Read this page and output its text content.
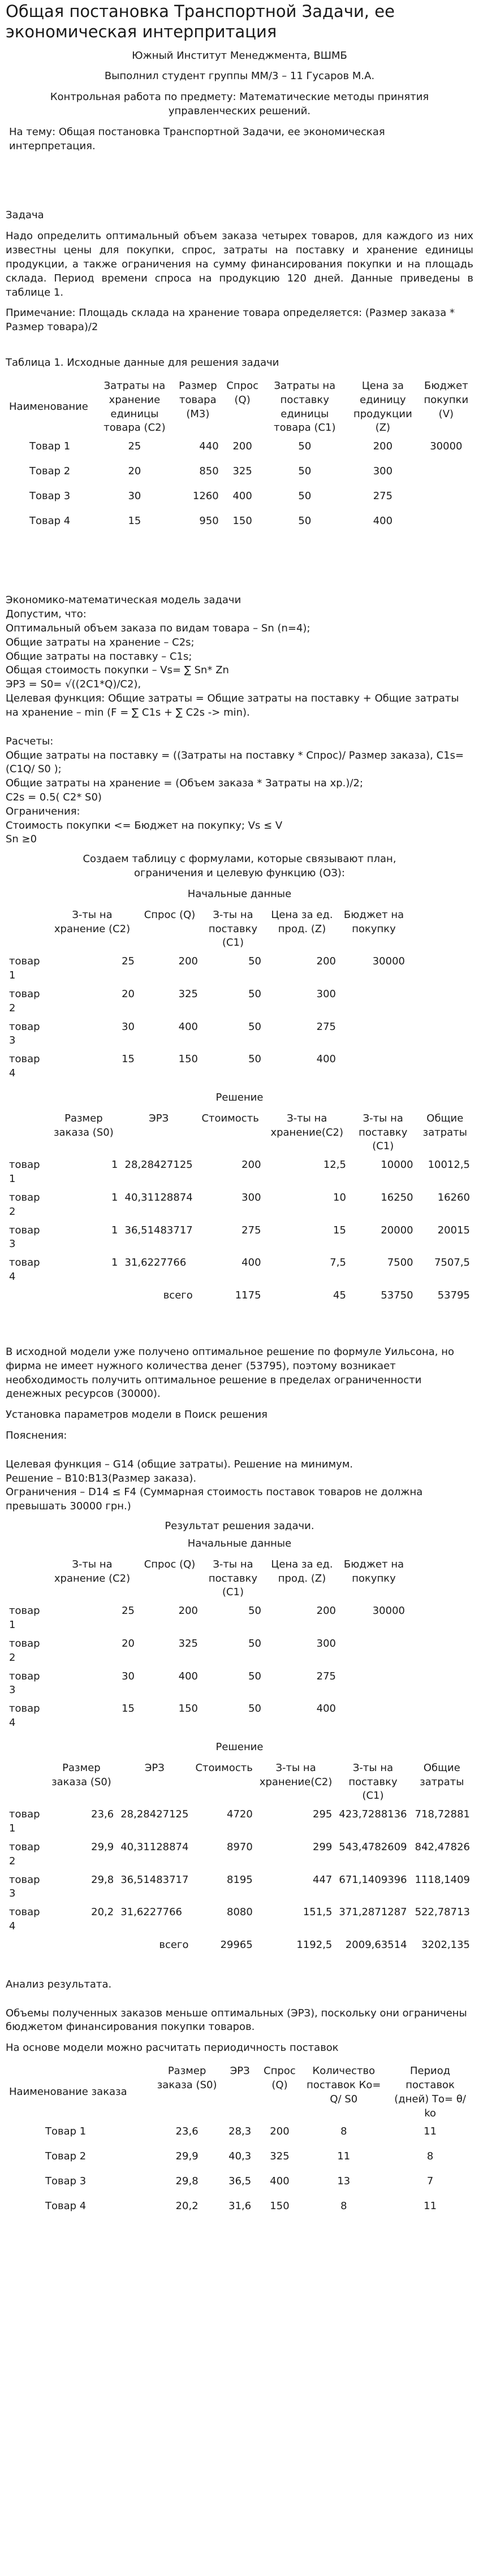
Общая постановка Транспортной Задачи, ее экономическая интерпритация
Южный Институт Менеджмента, ВШМБ
Выполнил студент группы ММ/3 – 11 Гусаров М.А.
Контрольная работа по предмету: Математические методы принятия управленческих решений.
На тему: Общая постановка Транспортной Задачи, ее экономическая интерпретация.
Задача
Надо определить оптимальный объем заказа четырех товаров, для каждого из них известны цены для покупки, спрос, затраты на поставку и хранение единицы продукции, а также ограничения на сумму финансирования покупки и на площадь склада. Период времени спроса на продукцию 120 дней. Данные приведены в таблице 1.
Примечание: Площадь склада на хранение товара определяется: (Размер заказа * Размер товара)/2
Таблица 1. Исходные данные для решения задачи
Наименование	Затраты на хранение единицы товара (С2)	Размер товара (М3)	Спрос (Q)	Затраты на поставку единицы товара (С1)	Цена за единицу продукции (Z)	Бюджет покупки (V)
Товар 1	25	440	200	50	200	30000
Товар 2	20	850	325	50	300	
Товар 3	30	1260	400	50	275	
Товар 4	15	950	150	50	400	
Экономико-математическая модель задачи
Допустим, что:
Оптимальный объем заказа по видам товара – Sn (n=4);
Общие затраты на хранение – C2s;
Общие затраты на поставку – C1s;
Общая стоимость покупки – Vs= ∑ Sn* Zn
ЭРЗ = S0= √((2С1*Q)/C2),
Целевая функция: Общие затраты = Общие затраты на поставку + Общие затраты на хранение – min (F = ∑ C1s + ∑ C2s -> min).
Расчеты:
Общие затраты на поставку = ((Затраты на поставку * Спрос)/ Размер заказа), C1s=(C1Q/ S0 );
Общие затраты на хранение = (Объем заказа * Затраты на хр.)/2;
C2s = 0.5( C2* S0)
Ограничения:
Стоимость покупки <= Бюджет на покупку; Vs ≤ V
Sn ≥0
Создаем таблицу с формулами, которые связывают план, ограничения и целевую функцию (ОЗ):
Начальные данные
	З-ты на хранение (С2)	Спрос (Q)	З-ты на поставку (С1)	Цена за ед. прод. (Z)	Бюджет на покупку	
товар 1	25	200	50	200	30000	
товар 2	20	325	50	300		
товар 3	30	400	50	275		
товар 4	15	150	50	400		
Решение
	Размер заказа (S0)	ЭРЗ	Стоимость	З-ты на хранение(С2)	З-ты на поставку (С1)	Общие затраты
товар 1	1	28,28427125	200	12,5	10000	10012,5
товар 2	1	40,31128874	300	10	16250	16260
товар 3	1	36,51483717	275	15	20000	20015
товар 4	1	31,6227766	400	7,5	7500	7507,5
		всего	1175	45	53750	53795
В исходной модели уже получено оптимальное решение по формуле Уильсона, но фирма не имеет нужного количества денег (53795), поэтому возникает необходимость получить оптимальное решение в пределах ограниченности денежных ресурсов (30000).
Установка параметров модели в Поиск решения
Пояснения:
Целевая функция – G14 (общие затраты). Решение на минимум.
Решение – B10:B13(Размер заказа).
Ограничения – D14 ≤ F4 (Суммарная стоимость поставок товаров не должна превышать 30000 грн.)
Результат решения задачи.
Начальные данные
	З-ты на хранение (С2)	Спрос (Q)	З-ты на поставку (С1)	Цена за ед. прод. (Z)	Бюджет на покупку	
товар 1	25	200	50	200	30000	
товар 2	20	325	50	300		
товар 3	30	400	50	275		
товар 4	15	150	50	400		
Решение
	Размер заказа (S0)	ЭРЗ	Стоимость	З-ты на хранение(С2)	З-ты на поставку (С1)	Общие затраты
товар 1	23,6	28,28427125	4720	295	423,7288136	718,72881
товар 2	29,9	40,31128874	8970	299	543,4782609	842,47826
товар 3	29,8	36,51483717	8195	447	671,1409396	1118,1409
товар 4	20,2	31,6227766	8080	151,5	371,2871287	522,78713
		всего	29965	1192,5	2009,63514	3202,135
Анализ результата.
Объемы полученных заказов меньше оптимальных (ЭРЗ), поскольку они ограничены бюджетом финансирования покупки товаров.
На основе модели можно расчитать периодичность поставок
Наименование заказа	Размер заказа (S0)	ЭРЗ	Спрос (Q)	Количество поставок Ко= Q/ S0	Период поставок (дней) То= θ/ ko
Товар 1	23,6	28,3	200	8	11
Товар 2	29,9	40,3	325	11	8
Товар 3	29,8	36,5	400	13	7
Товар 4	20,2	31,6	150	8	11
